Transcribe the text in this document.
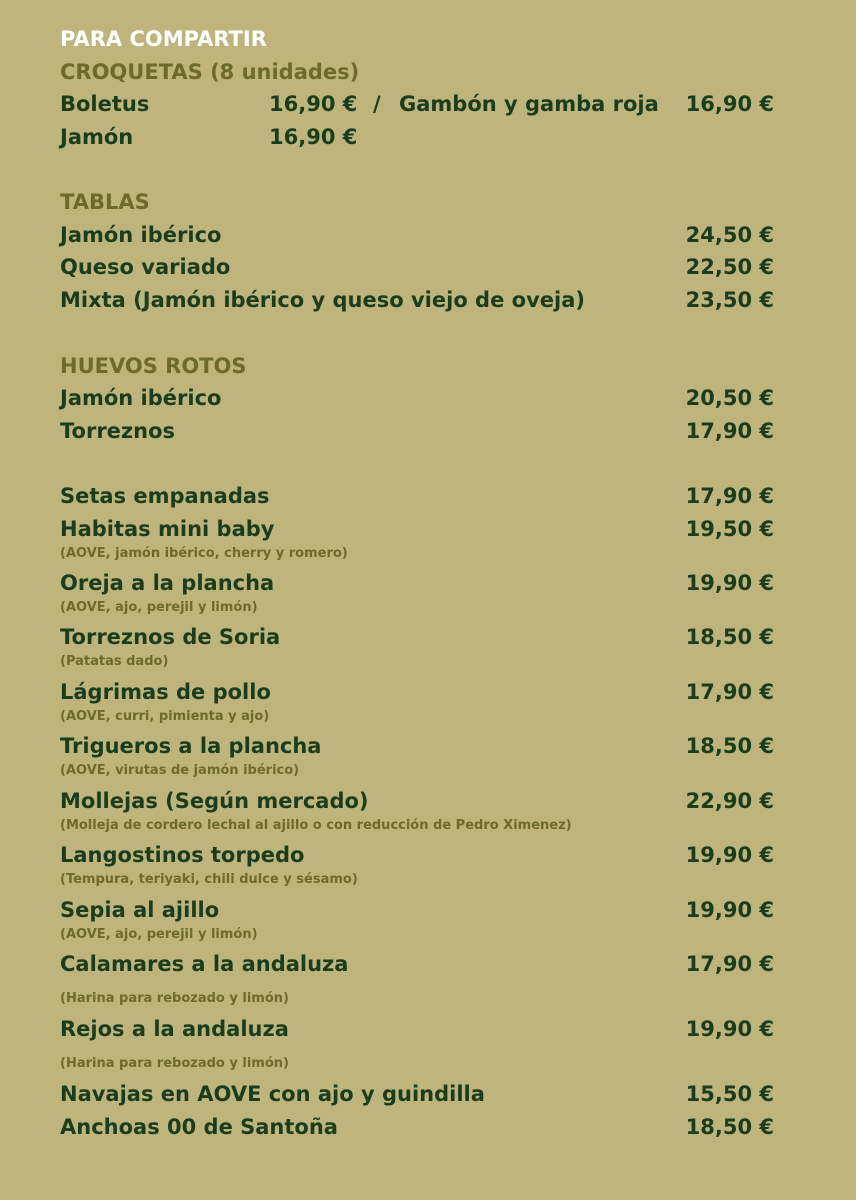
PARA COMPARTIR
CROQUETAS (8 unidades)
Boletus	16,90 € / Gambón y gamba roja 16,90 €
Jamón	16,90 €
TABLAS
Jamón ibérico	24,50 €
Queso variado	22,50 €
Mixta (Jamón ibérico y queso viejo de oveja)	23,50 €
HUEVOS ROTOS
Jamón ibérico	20,50 €
Torreznos	17,90 €
Setas empanadas	17,90 €
Habitas mini baby	19,50 €
(AOVE, jamón ibérico, cherry y romero)
Oreja a la plancha	19,90 €
(AOVE, ajo, perejil y limón)
Torreznos de Soria	18,50 €
(Patatas dado)
Lágrimas de pollo	17,90 €
(AOVE, curri, pimienta y ajo)
Trigueros a la plancha	18,50 €
(AOVE, virutas de jamón ibérico)
Mollejas (Según mercado)	22,90 €
(Molleja de cordero lechal al ajillo o con reducción de Pedro Ximenez)
Langostinos torpedo	19,90 €
(Tempura, teriyaki, chili dulce y sésamo)
Sepia al ajillo	19,90 €
(AOVE, ajo, perejil y limón)
Calamares a la andaluza	17,90 €
(Harina para rebozado y limón)
Rejos a la andaluza	19,90 €
(Harina para rebozado y limón)
Navajas en AOVE con ajo y guindilla	15,50 €
Anchoas 00 de Santoña	18,50 €
